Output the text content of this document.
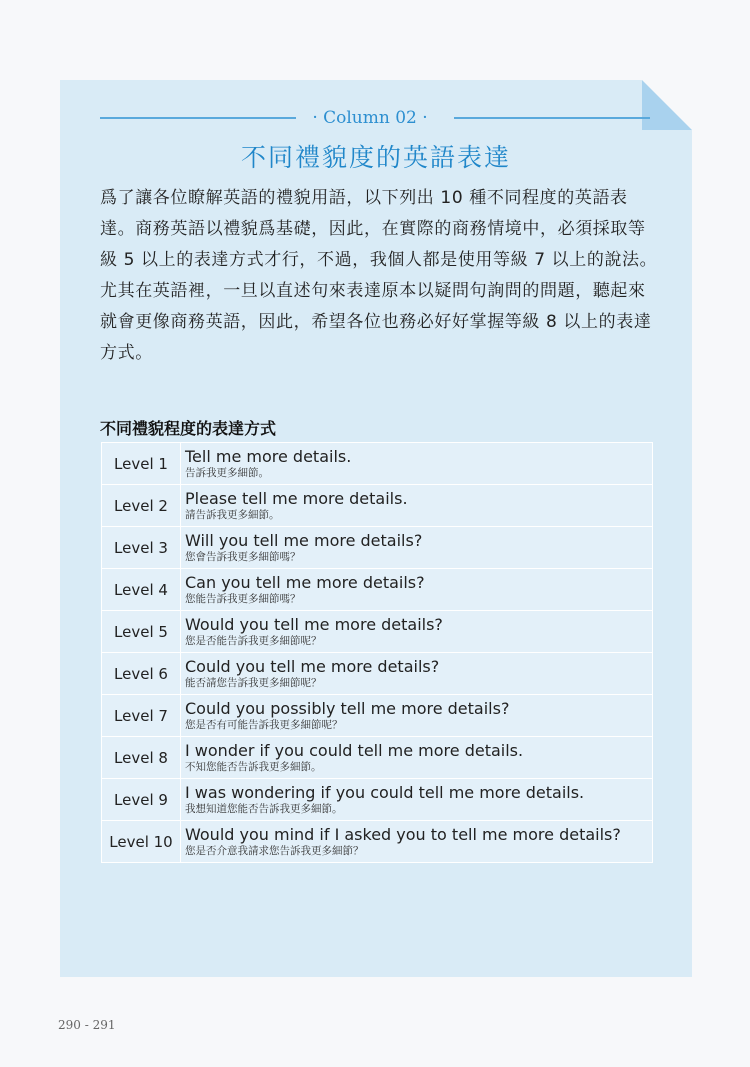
· Column 02 ·
不同禮貌度的英語表達

爲了讓各位瞭解英語的禮貌用語，以下列出 10 種不同程度的英語表達。商務英語以禮貌爲基礎，因此，在實際的商務情境中，必須採取等級 5 以上的表達方式才行，不過，我個人都是使用等級 7 以上的說法。尤其在英語裡，一旦以直述句來表達原本以疑問句詢問的問題，聽起來就會更像商務英語，因此，希望各位也務必好好掌握等級 8 以上的表達方式。

不同禮貌程度的表達方式
Level 1	Tell me more details.
告訴我更多細節。

Level 2	Please tell me more details.
請告訴我更多細節。

Level 3	Will you tell me more details?
您會告訴我更多細節嗎？

Level 4	Can you tell me more details?
您能告訴我更多細節嗎？

Level 5	Would you tell me more details?
您是否能告訴我更多細節呢？

Level 6	Could you tell me more details?
能否請您告訴我更多細節呢？

Level 7	Could you possibly tell me more details?
您是否有可能告訴我更多細節呢？

Level 8	I wonder if you could tell me more details.
不知您能否告訴我更多細節。

Level 9	I was wondering if you could tell me more details.
我想知道您能否告訴我更多細節。

Level 10	Would you mind if I asked you to tell me more details?
您是否介意我請求您告訴我更多細節？
290 - 291
